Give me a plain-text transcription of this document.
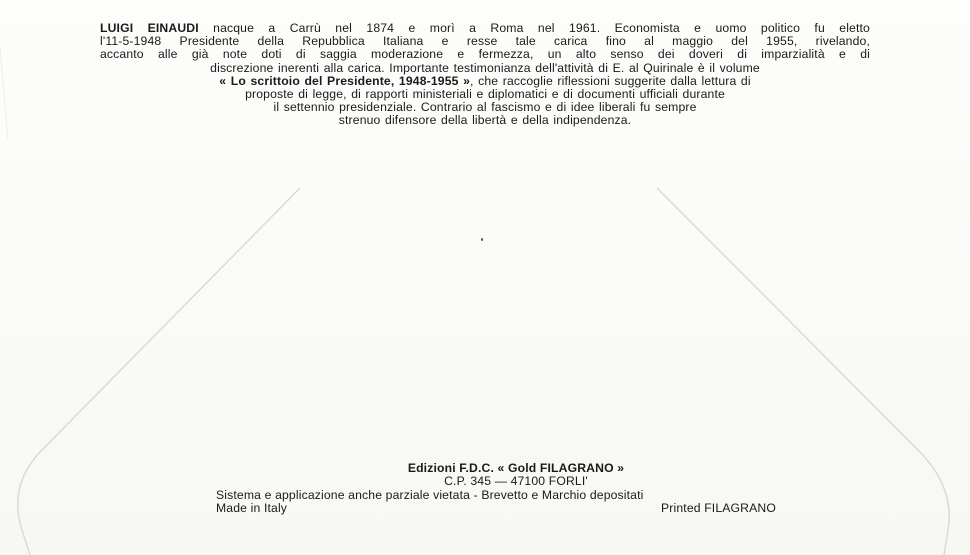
LUIGI EINAUDI nacque a Carrù nel 1874 e morì a Roma nel 1961. Economista e uomo politico fu eletto
l'11-5-1948 Presidente della Repubblica Italiana e resse tale carica fino al maggio del 1955, rivelando,
accanto alle già note doti di saggia moderazione e fermezza, un alto senso dei doveri di imparzialità e di
discrezione inerenti alla carica. Importante testimonianza dell'attività di E. al Quirinale è il volume
« Lo scrittoio del Presidente, 1948-1955 », che raccoglie riflessioni suggerite dalla lettura di
proposte di legge, di rapporti ministeriali e diplomatici e di documenti ufficiali durante
il settennio presidenziale. Contrario al fascismo e di idee liberali fu sempre
strenuo difensore della libertà e della indipendenza.
Edizioni F.D.C. « Gold FILAGRANO »
C.P. 345 — 47100 FORLI'
Sistema e applicazione anche parziale vietata - Brevetto e Marchio depositati
Made in Italy	Printed FILAGRANO
